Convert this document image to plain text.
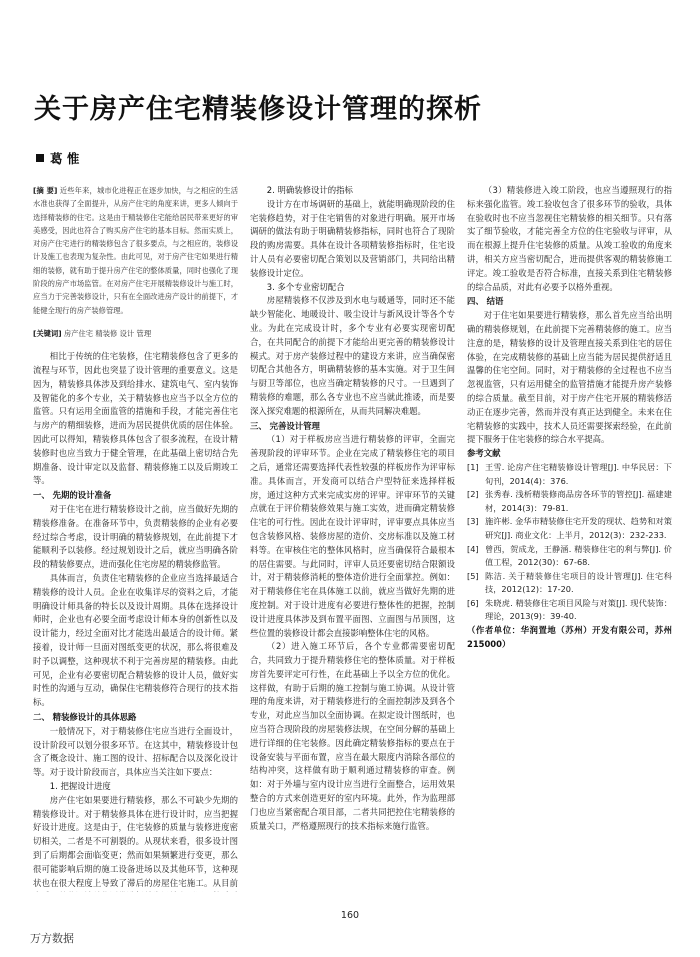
关于房产住宅精装修设计管理的探析
葛 惟

[摘 要] 近些年来，城市化进程正在逐步加快，与之相应的生活水准也获得了全面提升，从房产住宅的角度来讲，更多人倾向于选择精装修的住宅。这是由于精装修住宅能给居民带来更好的审美感受，因此也符合了购买房产住宅的基本目标。然而实质上，对房产住宅进行的精装修包含了很多要点，与之相应的，装修设计及施工也表现为复杂性。由此可见，对于房产住宅如果进行精细的装修，就有助于提升房产住宅的整体质量，同时也强化了现阶段的房产市场监管。在对房产住宅开展精装修设计与施工时，应当力于完善装修设计，只有在全面改进房产设计的前提下，才能健全现行的房产装修管理。

[关键词] 房产住宅 精装修 设计 管理

相比于传统的住宅装修，住宅精装修包含了更多的流程与环节，因此也突显了设计管理的重要意义。这是因为，精装修具体涉及到给排水、建筑电气、室内装饰及智能化的多个专业，关于精装修也应当予以全方位的监管。只有运用全面监管的措施和手段，才能完善住宅与房产的精细装修，进而为居民提供优质的居住体验。因此可以得知，精装修具体包含了很多流程，在设计精装修时也应当致力于健全管理，在此基础上密切结合先期准备、设计审定以及监督、精装修施工以及后期竣工等。

一、 先期的设计准备

对于住宅在进行精装修设计之前，应当做好先期的精装修准备。在准备环节中，负责精装修的企业有必要经过综合考虑，设计明确的精装修规划，在此前提下才能顺利予以装修。经过规划设计之后，就应当明确各阶段的精装修要点，进而强化住宅房屋的精装修监管。

具体而言，负责住宅精装修的企业应当选择最适合精装修的设计人员。企业在收集详尽的资料之后，才能明确设计师具备的特长以及设计周期。具体在选择设计师时，企业也有必要全面考虑设计师本身的创新性以及设计能力，经过全面对比才能选出最适合的设计师。紧接着，设计师一旦面对图纸变更的状况，那么将很难及时予以调整，这种现状不利于完善房屋的精装修。由此可见，企业有必要密切配合精装修的设计人员，做好实时性的沟通与互动，确保住宅精装修符合现行的技术指标。

二、 精装修设计的具体思路

一般情况下，对于精装修住宅应当进行全面设计，设计阶段可以划分很多环节。在这其中，精装修设计包含了概念设计、施工图的设计、招标配合以及深化设计等。对于设计阶段而言，具体应当关注如下要点：

1. 把握设计进度

房产住宅如果要进行精装修，那么不可缺少先期的精装修设计。对于精装修具体在进行设计时，应当把握好设计进度。这是由于，住宅装修的质量与装修进度密切相关，二者是不可割裂的。从现状来看，很多设计图到了后期都会面临变更；然而如果频繁进行变更，那么很可能影响后期的施工设备进场以及其他环节，这种现状也在很大程度上导致了滞后的房屋住宅施工。从目前

2. 明确装修设计的指标

设计方在市场调研的基础上，就能明确现阶段的住宅装修趋势，对于住宅销售的对象进行明确。展开市场调研的做法有助于明确精装修指标，同时也符合了现阶段的购房需要。具体在设计各项精装修指标时，住宅设计人员有必要密切配合策划以及营销部门，共同给出精装修设计定位。

3. 多个专业密切配合

房屋精装修不仅涉及到水电与暖通等，同时还不能缺少智能化、地暖设计、吸尘设计与新风设计等各个专业。为此在完成设计时，多个专业有必要实现密切配合，在共同配合的前提下才能给出更完善的精装修设计模式。对于房产装修过程中的建设方来讲，应当确保密切配合其他各方，明确精装修的基本实施。对于卫生间与厨卫等部位，也应当确定精装修的尺寸。一旦遇到了精装修的难题，那么各专业也不应当就此推诿，而是要深入探究难题的根源所在，从而共同解决难题。

三、 完善设计管理

（1）对于样板房应当进行精装修的评审，全面完善现阶段的评审环节。企业在完成了精装修住宅的项目之后，通常还需要选择代表性较强的样板房作为评审标准。具体而言，开发商可以结合户型特征来选择样板房，通过这种方式来完成实房的评审。评审环节的关键点就在于评价精装修效果与施工实效，进而确定精装修住宅的可行性。因此在设计评审时，评审要点具体应当包含装修风格、装修房屋的造价、交房标准以及施工材料等。在审核住宅的整体风格时，应当确保符合最根本的居住需要。与此同时，评审人员还要密切结合限额设计，对于精装修消耗的整体造价进行全面掌控。例如：对于精装修住宅在具体施工以前，就应当做好先期的进度控制。对于设计进度有必要进行整体性的把握，控制设计进度具体涉及到布置平面图、立面图与吊顶图，这些位置的装修设计都会直接影响整体住宅的风格。

（2）进入施工环节后，各个专业都需要密切配合，共同致力于提升精装修住宅的整体质量。对于样板房首先要评定可行性，在此基础上予以全方位的优化。这样做，有助于后期的施工控制与施工协调。从设计管理的角度来讲，对于精装修进行的全面控制涉及到各个专业，对此应当加以全面协调。在拟定设计图纸时，也应当符合现阶段的房屋装修法规，在空间分解的基础上进行详细的住宅装修。因此确定精装修指标的要点在于设备安装与平面布置，应当在最大限度内消除各部位的结构冲突，这样做有助于顺利通过精装修的审查。例如：对于外墙与室内设计应当进行全面整合，运用效果整合的方式来创造更好的室内环境。此外，作为监理部门也应当紧密配合项目部，二者共同把控住宅精装修的质量关口，严格遵照现行的技术指标来施行监管。

（3）精装修进入竣工阶段，也应当遵照现行的指标来强化监管。竣工验收包含了很多环节的验收，具体在验收时也不应当忽视住宅精装修的相关细节。只有落实了细节验收，才能完善全方位的住宅验收与评审，从而在根源上提升住宅装修的质量。从竣工验收的角度来讲，相关方应当密切配合，进而提供客观的精装修施工评定。竣工验收是否符合标准，直接关系到住宅精装修的综合品质，对此有必要予以格外重视。

四、 结语

对于住宅如果要进行精装修，那么首先应当给出明确的精装修规划，在此前提下完善精装修的施工。应当注意的是，精装修的设计及管理直接关系到住宅的居住体验，在完成精装修的基础上应当能为居民提供舒适且温馨的住宅空间。同时，对于精装修的全过程也不应当忽视监管，只有运用健全的监管措施才能提升房产装修的综合质量。截至目前，对于房产住宅开展的精装修活动正在逐步完善，然而并没有真正达到健全。未来在住宅精装修的实践中，技术人员还需要探索经验，在此前提下服务于住宅装修的综合水平提高。

参考文献

[1] 王雪. 论房产住宅精装修设计管理[J]. 中华民居：下旬刊，2014(4)：376.
[2] 张秀春. 浅析精装修商品房各环节的管控[J]. 福建建材，2014(3)：79-81.
[3] 施许彬. 金华市精装修住宅开发的现状、趋势和对策研究[J]. 商业文化：上半月，2012(3)：232-233.
[4] 曾西，贺成龙，王静涵. 精装修住宅的利与弊[J]. 价值工程，2012(30)：67-68.
[5] 陈洁. 关于精装修住宅项目的设计管理[J]. 住宅科技，2012(12)：17-20.
[6] 朱晓虎. 精装修住宅项目风险与对策[J]. 现代装饰：理论，2013(9)：39-40.

（作者单位：华润置地（苏州）开发有限公司，苏州 215000）

160
万方数据
